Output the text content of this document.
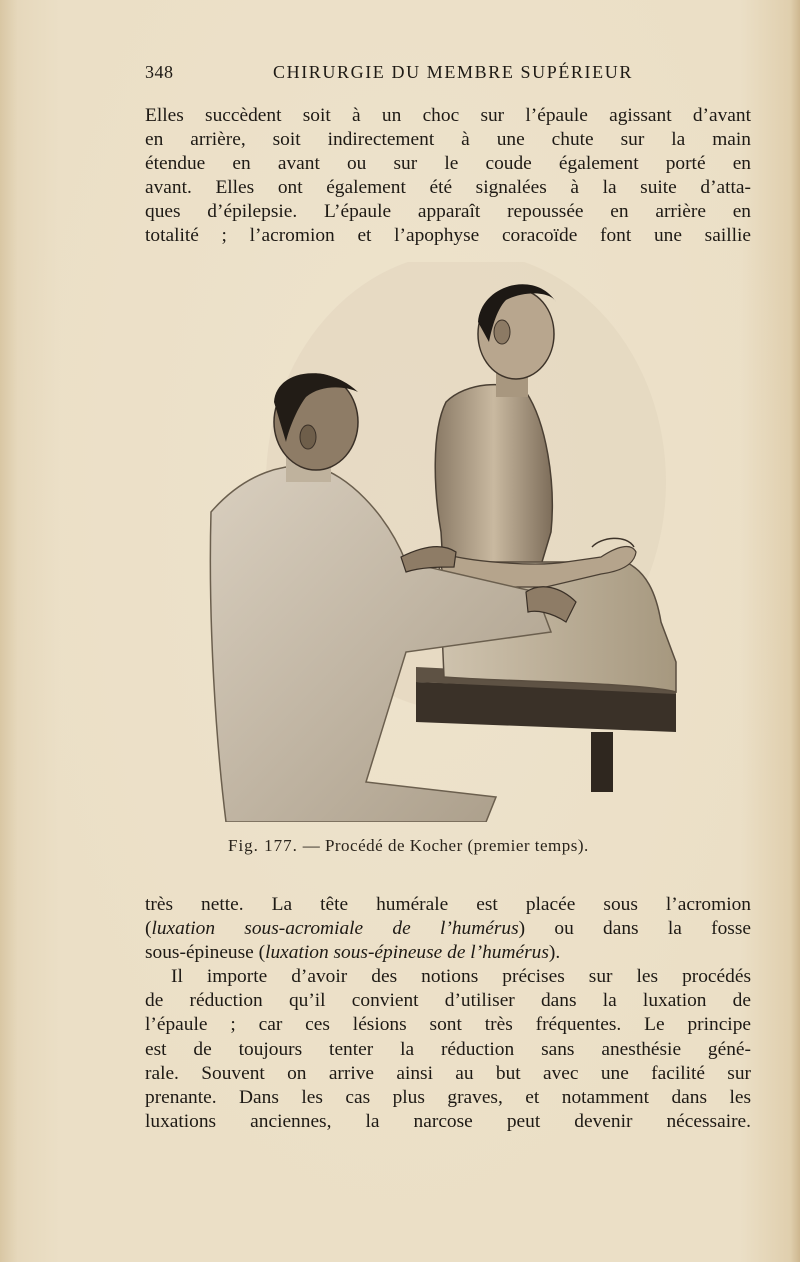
348	CHIRURGIE DU MEMBRE SUPÉRIEUR
Elles succèdent soit à un choc sur l’épaule agissant d’avant
en arrière, soit indirectement à une chute sur la main
étendue en avant ou sur le coude également porté en
avant. Elles ont également été signalées à la suite d’atta-
ques d’épilepsie. L’épaule apparaît repoussée en arrière en
totalité ; l’acromion et l’apophyse coracoïde font une saillie
Fig. 177. — Procédé de Kocher (premier temps).
très nette. La tête humérale est placée sous l’acromion
(luxation sous-acromiale de l’humérus) ou dans la fosse
sous-épineuse (luxation sous-épineuse de l’humérus).
Il importe d’avoir des notions précises sur les procédés
de réduction qu’il convient d’utiliser dans la luxation de
l’épaule ; car ces lésions sont très fréquentes. Le principe
est de toujours tenter la réduction sans anesthésie géné-
rale. Souvent on arrive ainsi au but avec une facilité sur
prenante. Dans les cas plus graves, et notamment dans les
luxations anciennes, la narcose peut devenir nécessaire.
